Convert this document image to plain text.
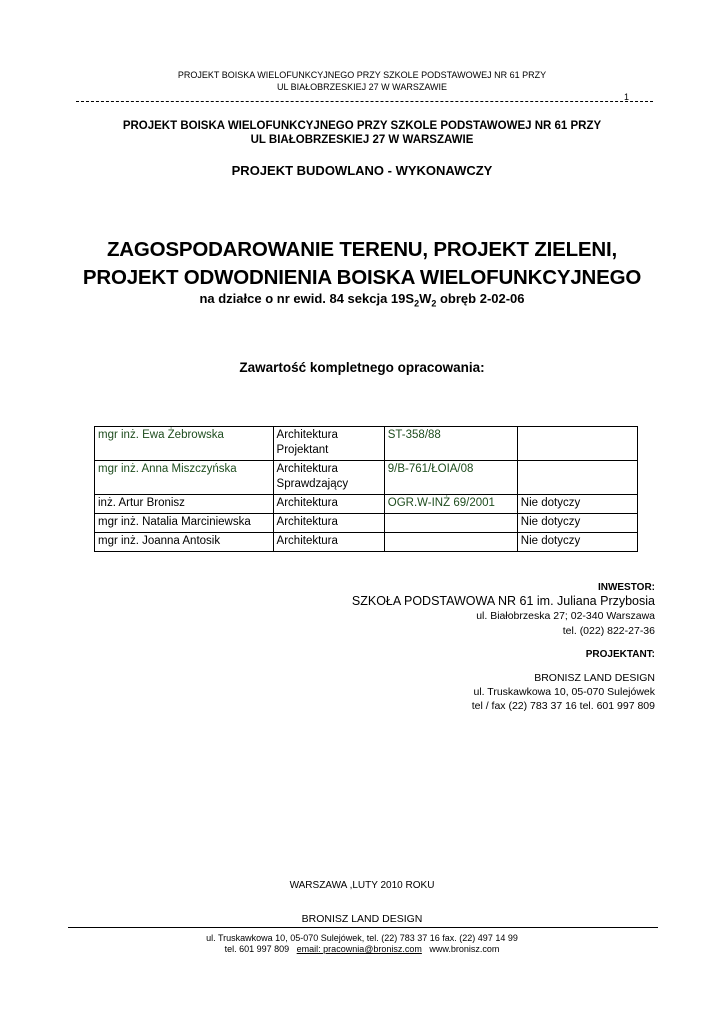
PROJEKT BOISKA WIELOFUNKCYJNEGO PRZY SZKOLE PODSTAWOWEJ NR 61 PRZY
UL BIAŁOBRZESKIEJ 27 W WARSZAWIE
1
PROJEKT BOISKA WIELOFUNKCYJNEGO PRZY SZKOLE PODSTAWOWEJ NR 61 PRZY
UL BIAŁOBRZESKIEJ 27 W WARSZAWIE
PROJEKT BUDOWLANO - WYKONAWCZY
ZAGOSPODAROWANIE TERENU, PROJEKT ZIELENI,
PROJEKT ODWODNIENIA BOISKA WIELOFUNKCYJNEGO
na działce o nr ewid. 84 sekcja $19S_2W_2$ obręb 2-02-06
Zawartość kompletnego opracowania:
mgr inż. Ewa Żebrowska	Architektura Projektant	ST-358/88	
mgr inż. Anna Miszczyńska	Architektura Sprawdzający	9/B-761/ŁOIA/08	
inż. Artur Bronisz	Architektura	OGR.W-INŻ 69/2001	Nie dotyczy
mgr inż. Natalia Marciniewska	Architektura		Nie dotyczy
mgr inż. Joanna Antosik	Architektura		Nie dotyczy
INWESTOR:
SZKOŁA PODSTAWOWA NR 61 im. Juliana Przybosia
ul. Białobrzeska 27; 02-340 Warszawa
tel. (022) 822-27-36
PROJEKTANT:
BRONISZ LAND DESIGN
ul. Truskawkowa 10, 05-070 Sulejówek
tel / fax (22) 783 37 16 tel. 601 997 809
WARSZAWA ,LUTY 2010 ROKU
BRONISZ LAND DESIGN
ul. Truskawkowa 10, 05-070 Sulejówek, tel. (22) 783 37 16 fax. (22) 497 14 99
tel. 601 997 809 email: pracownia@bronisz.com www.bronisz.com
